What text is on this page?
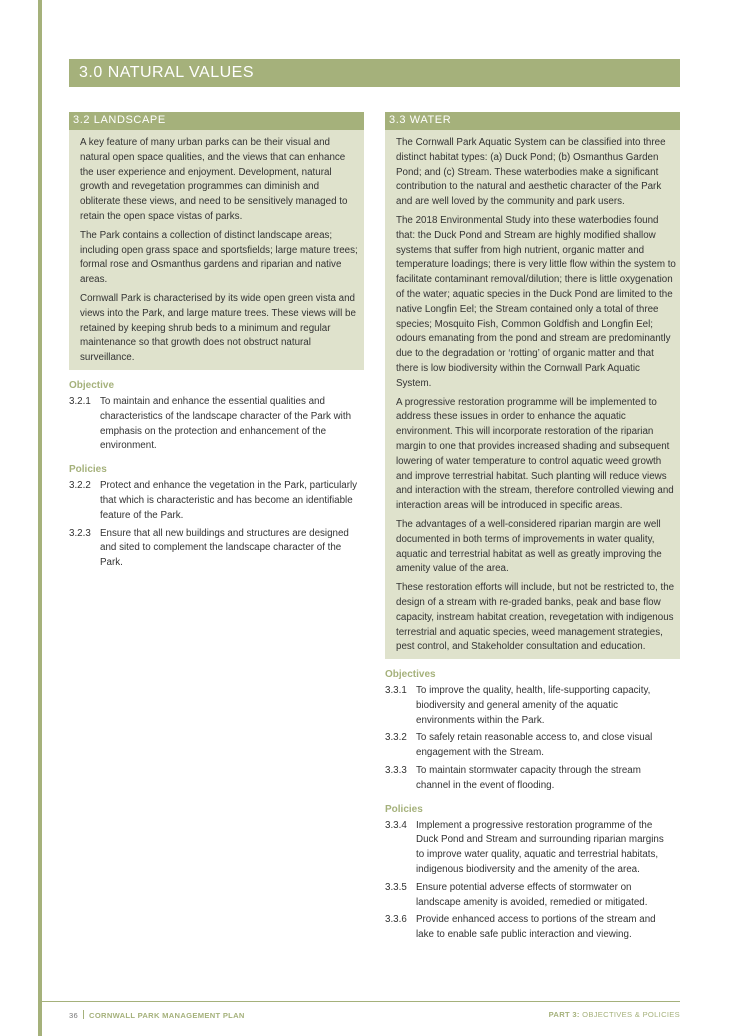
3.0 NATURAL VALUES
3.2 LANDSCAPE

A key feature of many urban parks can be their visual and natural open space qualities, and the views that can enhance the user experience and enjoyment. Development, natural growth and revegetation programmes can diminish and obliterate these views, and need to be sensitively managed to retain the open space vistas of parks.

The Park contains a collection of distinct landscape areas; including open grass space and sportsfields; large mature trees; formal rose and Osmanthus gardens and riparian and native areas.

Cornwall Park is characterised by its wide open green vista and views into the Park, and large mature trees. These views will be retained by keeping shrub beds to a minimum and regular maintenance so that growth does not obstruct natural surveillance.

Objective
3.2.1 To maintain and enhance the essential qualities and characteristics of the landscape character of the Park with emphasis on the protection and enhancement of the environment.
Policies
3.2.2 Protect and enhance the vegetation in the Park, particularly that which is characteristic and has become an identifiable feature of the Park.
3.2.3 Ensure that all new buildings and structures are designed and sited to complement the landscape character of the Park.
3.3 WATER

The Cornwall Park Aquatic System can be classified into three distinct habitat types: (a) Duck Pond; (b) Osmanthus Garden Pond; and (c) Stream. These waterbodies make a significant contribution to the natural and aesthetic character of the Park and are well loved by the community and park users.

The 2018 Environmental Study into these waterbodies found that: the Duck Pond and Stream are highly modified shallow systems that suffer from high nutrient, organic matter and temperature loadings; there is very little flow within the system to facilitate contaminant removal/dilution; there is little oxygenation of the water; aquatic species in the Duck Pond are limited to the native Longfin Eel; the Stream contained only a total of three species; Mosquito Fish, Common Goldfish and Longfin Eel; odours emanating from the pond and stream are predominantly due to the degradation or ‘rotting’ of organic matter and that there is low biodiversity within the Cornwall Park Aquatic System.

A progressive restoration programme will be implemented to address these issues in order to enhance the aquatic environment. This will incorporate restoration of the riparian margin to one that provides increased shading and subsequent lowering of water temperature to control aquatic weed growth and improve terrestrial habitat. Such planting will reduce views and interaction with the stream, therefore controlled viewing and interaction areas will be introduced in specific areas.

The advantages of a well-considered riparian margin are well documented in both terms of improvements in water quality, aquatic and terrestrial habitat as well as greatly improving the amenity value of the area.

These restoration efforts will include, but not be restricted to, the design of a stream with re-graded banks, peak and base flow capacity, instream habitat creation, revegetation with indigenous terrestrial and aquatic species, weed management strategies, pest control, and Stakeholder consultation and education.

Objectives
3.3.1 To improve the quality, health, life-supporting capacity, biodiversity and general amenity of the aquatic environments within the Park.
3.3.2 To safely retain reasonable access to, and close visual engagement with the Stream.
3.3.3 To maintain stormwater capacity through the stream channel in the event of flooding.
Policies
3.3.4 Implement a progressive restoration programme of the Duck Pond and Stream and surrounding riparian margins to improve water quality, aquatic and terrestrial habitats, indigenous biodiversity and the amenity of the area.
3.3.5 Ensure potential adverse effects of stormwater on landscape amenity is avoided, remedied or mitigated.
3.3.6 Provide enhanced access to portions of the stream and lake to enable safe public interaction and viewing.
36 CORNWALL PARK MANAGEMENT PLAN	PART 3: OBJECTIVES & POLICIES
